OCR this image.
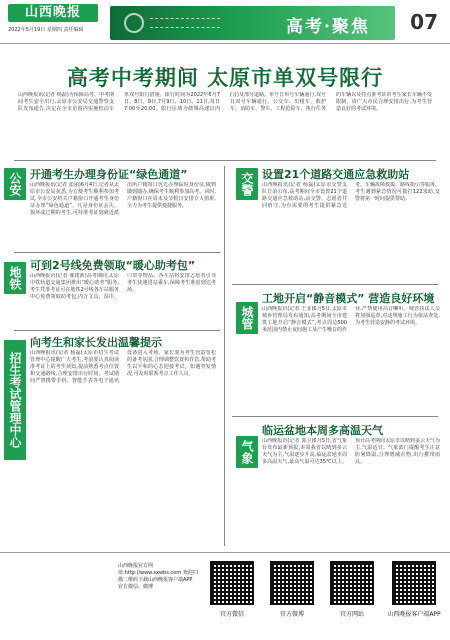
山西晚报
2022年5月19日 星期四 责任编辑	高考·聚焦 07
高考中考期间 太原市单双号限行
山西晚报讯(记者 杨磊)为保障高考、中考期间考生安全出行,太原市公安局交通警察支队发布通告,决定在全市范围内实施机动车单双号限行措施。限行时间为2022年6月7日、8日、9日,7月9日、10日、11日,每日7:00至20:00。限行区域为绕城高速以内(含)及部分道路。单号日单号车辆通行,双号日双号车辆通行。公交车、出租车、救护车、消防车、警车、工程抢险车、执行任务的车辆以及持有准考证的考生家长车辆不受限制。请广大市民合理安排出行,为考生营造良好的考试环境。
公安 开通考生办理身份证“绿色通道”
山西晚报讯(记者 张丽)6月4日,记者从太原市公安局获悉,为方便考生顺利参加考试,全市公安机关户籍窗口开通考生身份证办理“绿色通道”。凡是身份证丢失、损坏或过期的考生,可持准考证到就近派出所户籍窗口优先办理临时身份证,做到随到随办,确保考生顺利参加高考。同时,户籍窗口在周末及节假日安排专人值班,全力为考生提供便捷服务。
地铁
可到2号线免费领取“暖心助考包”
山西晚报讯(记者 郝建新)高考期间,太原中铁轨道交通集团推出“暖心助考”服务,考生凭准考证可在地铁2号线各车站服务中心免费领取助考包,内含文具、湿巾、口罩等物品。各车站将安排志愿者引导考生快速进站乘车,保障考生准时到达考场。
招生考试管理中心
向考生和家长发出温馨提示
山西晚报讯(记者 杨磊)太原市招生考试管理中心提醒广大考生,考前要认真阅读准考证上的考生须知,提前熟悉考点位置和交通路线,合理安排出行时间。考试期间严禁携带手机、智能手表等电子通讯设备进入考场。家长要为考生营造宽松的备考氛围,合理调整饮食和作息,帮助考生以平和的心态迎接考试。如遇突发情况,可及时联系考点工作人员。
交警 设置21个道路交通应急救助站
山西晚报讯(记者 杨磊)太原市交警支队日前公布,高考期间全市设置21个道路交通应急救助站,由交警、志愿者共同值守,为有需要的考生提供紧急送考、车辆故障救援、路线指引等服务。考生遇到紧急情况可拨打122求助,交警将第一时间提供帮助。
城管
工地开启“静音模式” 营造良好环境
山西晚报讯(记者 王菲)6月5日,太原市城乡管理局发布通知,高考期间全市建筑工地开启“静音模式”,考点周边500米范围内禁止夜间施工及产生噪音的作业,严禁使用高音喇叭。城管执法人员将加强巡查,对违规施工行为依法查处,为考生营造安静的考试环境。
气象
临运盆地本周多高温天气
山西晚报讯(记者 郭卫)6月5日,省气象台发布最新预报,本周我省以晴到多云天气为主,气温逐步升高,临运盆地本周多高温天气,最高气温可达35℃以上。预计高考期间太原市以晴到多云天气为主,气温适宜。气象部门提醒考生注意防暑降温,合理增减衣物,出行携带雨具。
山西晚报官方网址:http://www.sxwbs.com 欢迎扫描二维码下载山西晚报客户端APP 官方微信、微博
官方微信	官方微博	官方网站	山西晚报客户端APP
